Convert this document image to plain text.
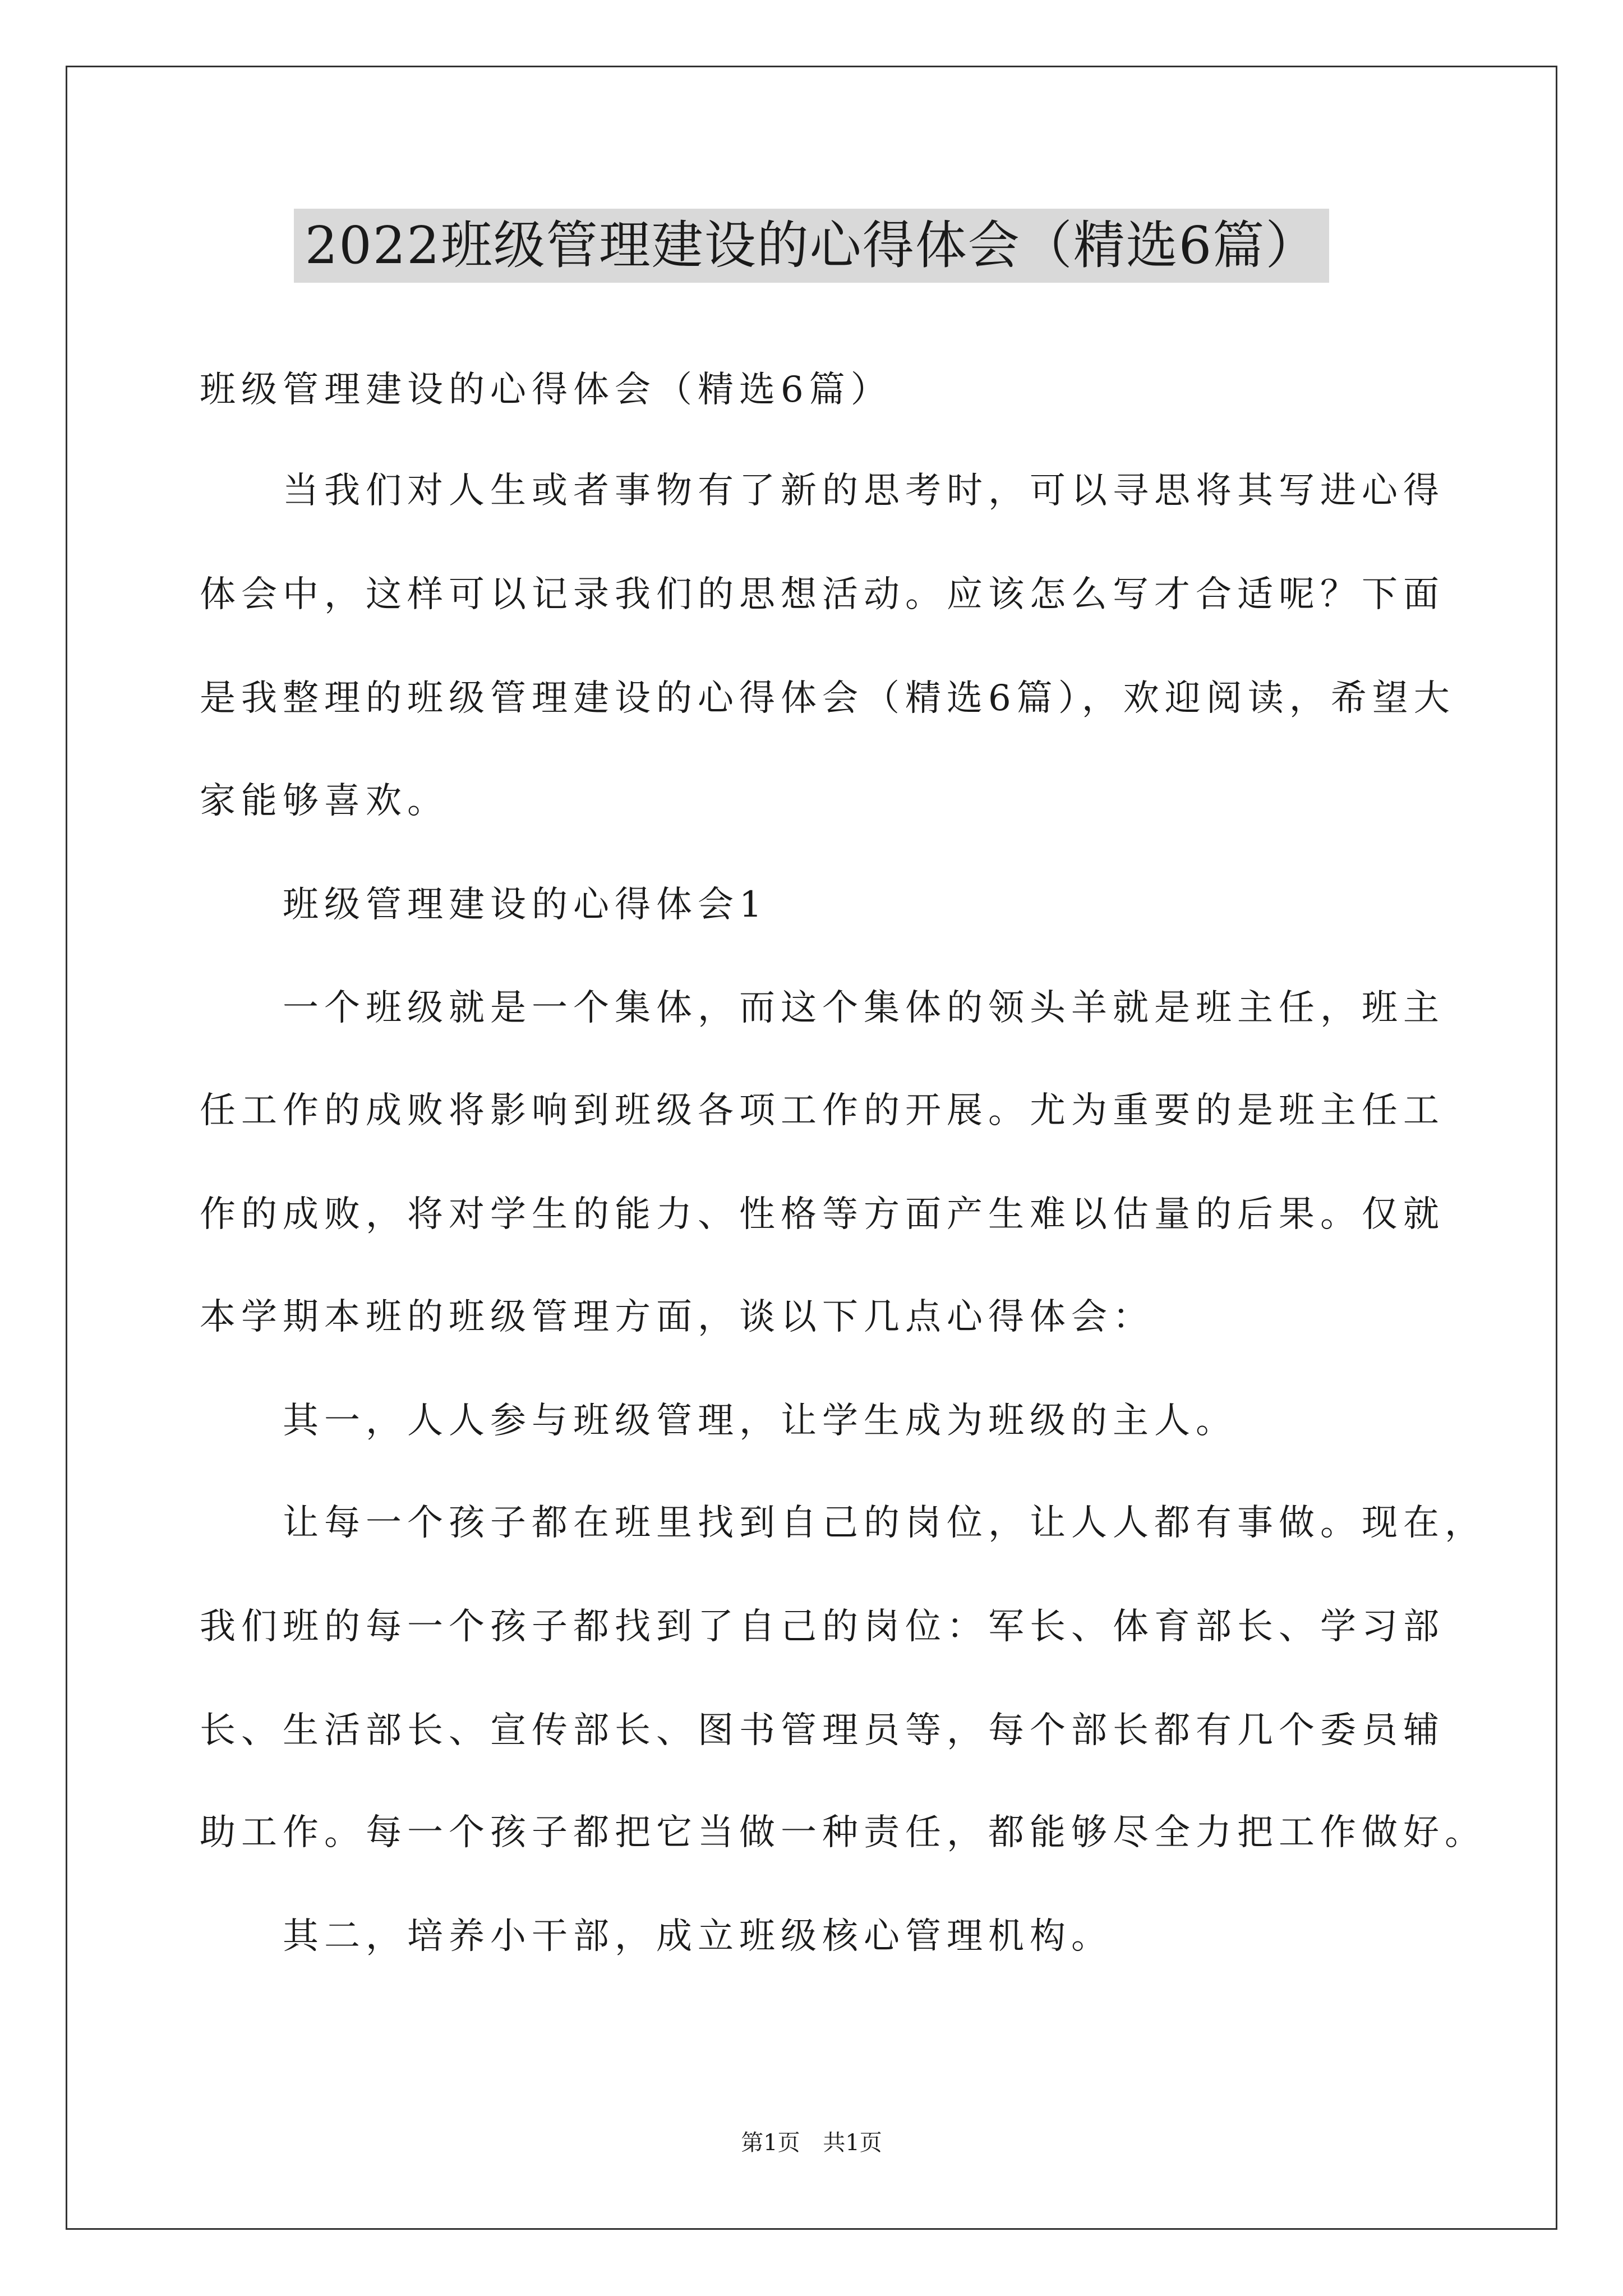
2022班级管理建设的心得体会（精选6篇）
班级管理建设的心得体会（精选6篇）
当我们对人生或者事物有了新的思考时，可以寻思将其写进心得
体会中，这样可以记录我们的思想活动。应该怎么写才合适呢？下面
是我整理的班级管理建设的心得体会（精选6篇），欢迎阅读，希望大
家能够喜欢。
班级管理建设的心得体会1
一个班级就是一个集体，而这个集体的领头羊就是班主任，班主
任工作的成败将影响到班级各项工作的开展。尤为重要的是班主任工
作的成败，将对学生的能力、性格等方面产生难以估量的后果。仅就
本学期本班的班级管理方面，谈以下几点心得体会：
其一，人人参与班级管理，让学生成为班级的主人。
让每一个孩子都在班里找到自己的岗位，让人人都有事做。现在，
我们班的每一个孩子都找到了自己的岗位：军长、体育部长、学习部
长、生活部长、宣传部长、图书管理员等，每个部长都有几个委员辅
助工作。每一个孩子都把它当做一种责任，都能够尽全力把工作做好。
其二，培养小干部，成立班级核心管理机构。
第1页 共1页
